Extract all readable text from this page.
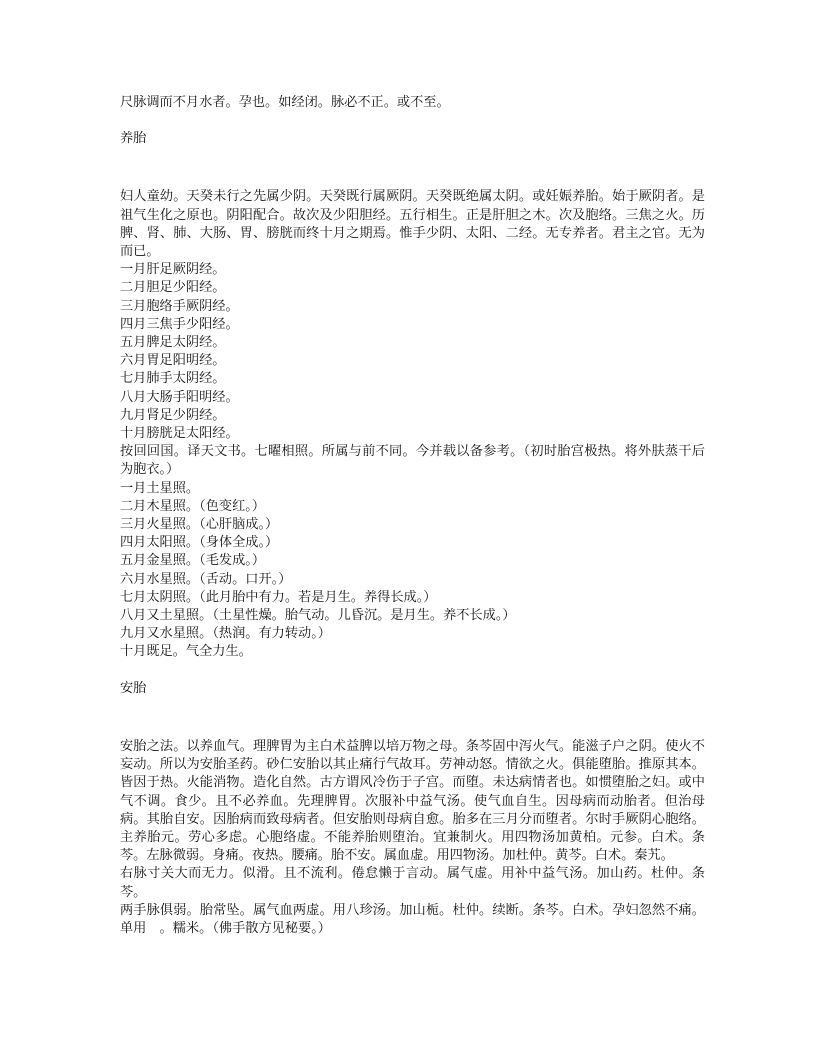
尺脉调而不月水者。孕也。如经闭。脉必不正。或不至。

养胎

妇人童幼。天癸未行之先属少阴。天癸既行属厥阴。天癸既绝属太阴。或妊娠养胎。始于厥阴者。是祖气生化之原也。阴阳配合。故次及少阳胆经。五行相生。正是肝胆之木。次及胞络。三焦之火。历脾、肾、肺、大肠、胃、膀胱而终十月之期焉。惟手少阴、太阳、二经。无专养者。君主之官。无为而已。

一月肝足厥阴经。

二月胆足少阳经。

三月胞络手厥阴经。

四月三焦手少阳经。

五月脾足太阴经。

六月胃足阳明经。

七月肺手太阴经。

八月大肠手阳明经。

九月肾足少阴经。

十月膀胱足太阳经。

按回回国。译天文书。七曜相照。所属与前不同。今并载以备参考。（初时胎宫极热。将外肤蒸干后为胞衣。）

一月土星照。

二月木星照。（色变红。）

三月火星照。（心肝脑成。）

四月太阳照。（身体全成。）

五月金星照。（毛发成。）

六月水星照。（舌动。口开。）

七月太阴照。（此月胎中有力。若是月生。养得长成。）

八月又土星照。（土星性燥。胎气动。儿昏沉。是月生。养不长成。）

九月又水星照。（热润。有力转动。）

十月既足。气全力生。

安胎

安胎之法。以养血气。理脾胃为主白术益脾以培万物之母。条芩固中泻火气。能滋子户之阴。使火不妄动。所以为安胎圣药。砂仁安胎以其止痛行气故耳。劳神动怒。情欲之火。俱能堕胎。推原其本。皆因于热。火能消物。造化自然。古方谓风冷伤于子宫。而堕。未达病情者也。如惯堕胎之妇。或中气不调。食少。且不必养血。先理脾胃。次服补中益气汤。使气血自生。因母病而动胎者。但治母病。其胎自安。因胎病而致母病者。但安胎则母病自愈。胎多在三月分而堕者。尔时手厥阴心胞络。主养胎元。劳心多虑。心胞络虚。不能养胎则堕治。宜兼制火。用四物汤加黄柏。元参。白术。条芩。左脉微弱。身痛。夜热。腰痛。胎不安。属血虚。用四物汤。加杜仲。黄芩。白术。秦艽。

右脉寸关大而无力。似滑。且不流利。倦怠懒于言动。属气虚。用补中益气汤。加山药。杜仲。条芩。

两手脉俱弱。胎常坠。属气血两虚。用八珍汤。加山栀。杜仲。续断。条芩。白术。孕妇忽然不痛。单用　。糯米。（佛手散方见秘要。）
